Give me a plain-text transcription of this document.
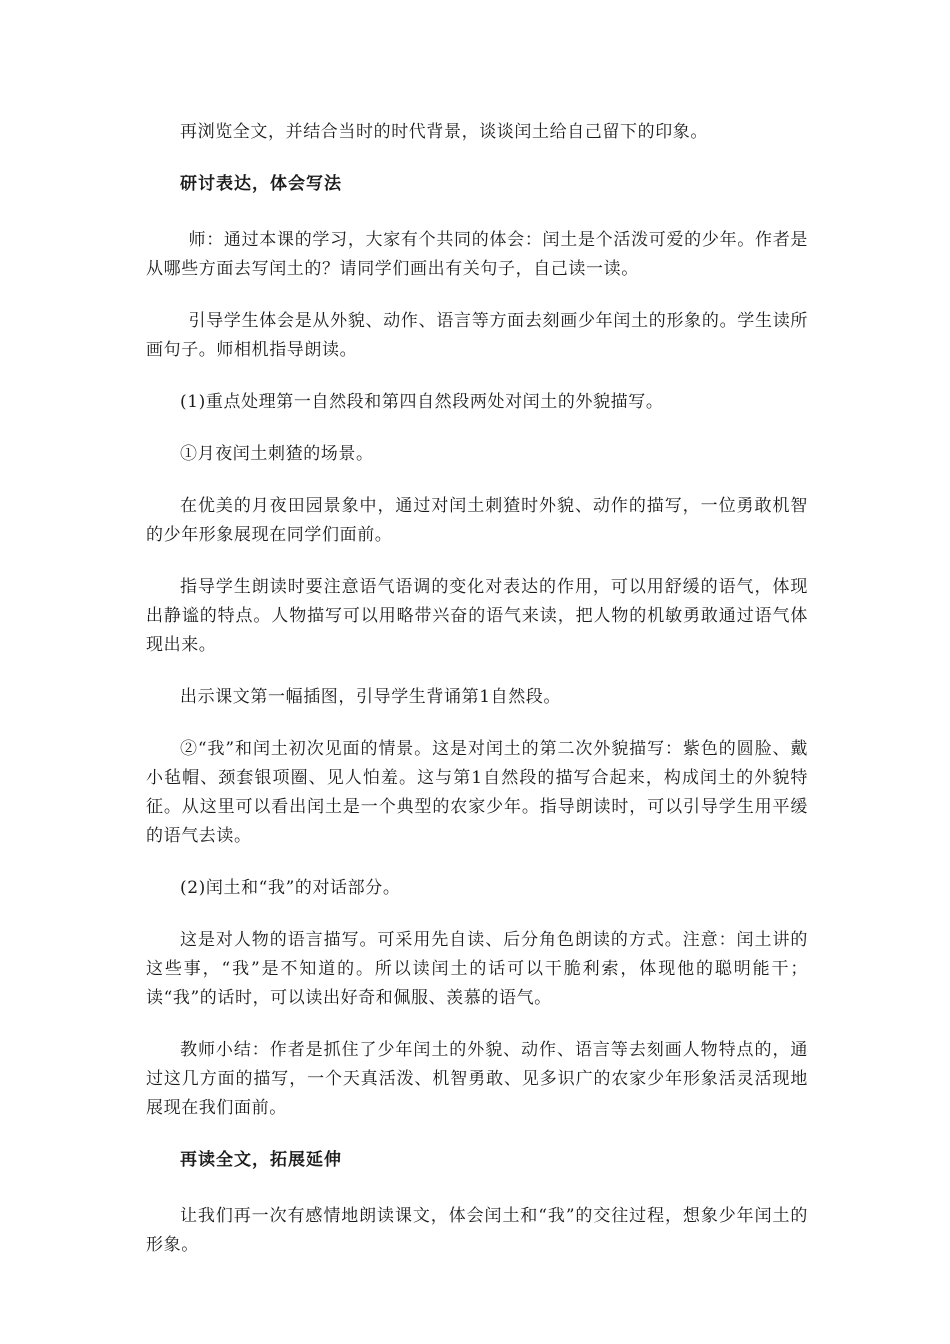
再浏览全文，并结合当时的时代背景，谈谈闰土给自己留下的印象。

研讨表达，体会写法

师：通过本课的学习，大家有个共同的体会：闰土是个活泼可爱的少年。作者是从哪些方面去写闰土的？请同学们画出有关句子，自己读一读。

引导学生体会是从外貌、动作、语言等方面去刻画少年闰土的形象的。学生读所画句子。师相机指导朗读。

(1)重点处理第一自然段和第四自然段两处对闰土的外貌描写。

①月夜闰土刺猹的场景。

在优美的月夜田园景象中，通过对闰土刺猹时外貌、动作的描写，一位勇敢机智的少年形象展现在同学们面前。

指导学生朗读时要注意语气语调的变化对表达的作用，可以用舒缓的语气，体现出静谧的特点。人物描写可以用略带兴奋的语气来读，把人物的机敏勇敢通过语气体现出来。

出示课文第一幅插图，引导学生背诵第1自然段。

②“我”和闰土初次见面的情景。这是对闰土的第二次外貌描写：紫色的圆脸、戴小毡帽、颈套银项圈、见人怕羞。这与第1自然段的描写合起来，构成闰土的外貌特征。从这里可以看出闰土是一个典型的农家少年。指导朗读时，可以引导学生用平缓的语气去读。

(2)闰土和“我”的对话部分。

这是对人物的语言描写。可采用先自读、后分角色朗读的方式。注意：闰土讲的这些事，“我”是不知道的。所以读闰土的话可以干脆利索，体现他的聪明能干；读“我”的话时，可以读出好奇和佩服、羡慕的语气。

教师小结：作者是抓住了少年闰土的外貌、动作、语言等去刻画人物特点的，通过这几方面的描写，一个天真活泼、机智勇敢、见多识广的农家少年形象活灵活现地展现在我们面前。

再读全文，拓展延伸

让我们再一次有感情地朗读课文，体会闰土和“我”的交往过程，想象少年闰土的形象。
